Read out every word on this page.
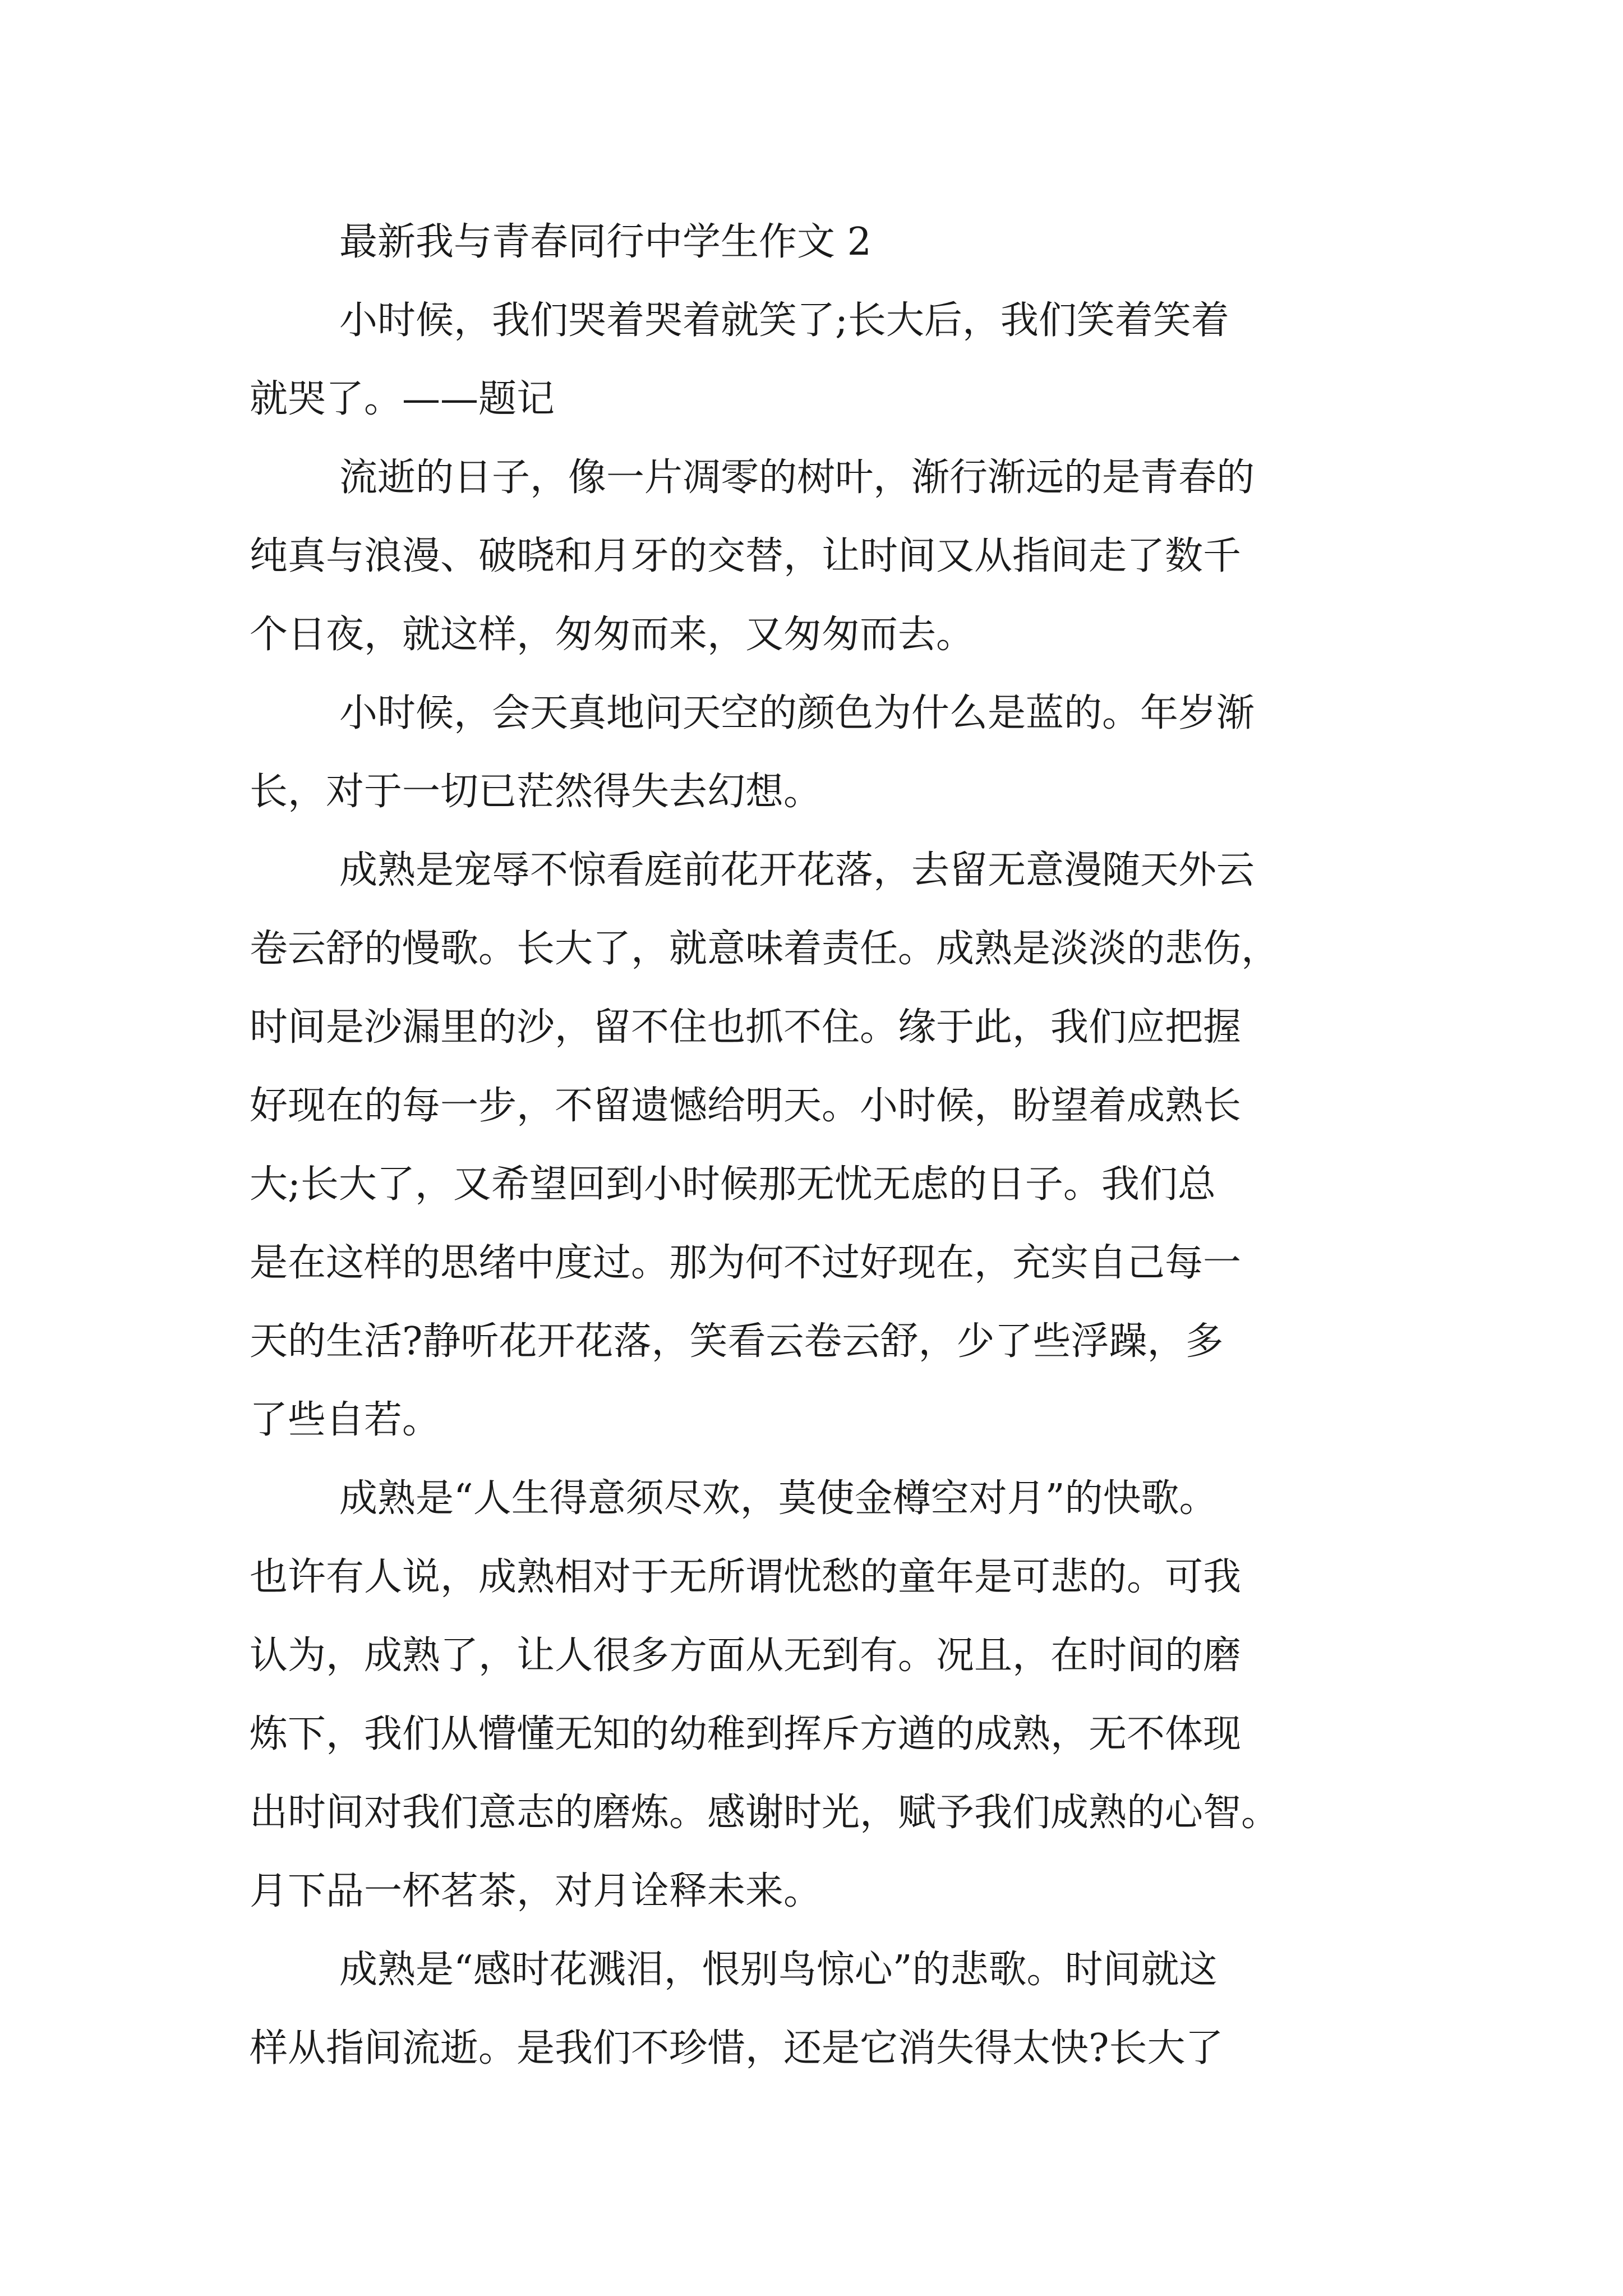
最新我与青春同行中学生作文 2
小时候，我们哭着哭着就笑了;长大后，我们笑着笑着
就哭了。——题记
流逝的日子，像一片凋零的树叶，渐行渐远的是青春的
纯真与浪漫、破晓和月牙的交替，让时间又从指间走了数千
个日夜，就这样，匆匆而来，又匆匆而去。
小时候，会天真地问天空的颜色为什么是蓝的。年岁渐
长，对于一切已茫然得失去幻想。
成熟是宠辱不惊看庭前花开花落，去留无意漫随天外云
卷云舒的慢歌。长大了，就意味着责任。成熟是淡淡的悲伤，
时间是沙漏里的沙，留不住也抓不住。缘于此，我们应把握
好现在的每一步，不留遗憾给明天。小时候，盼望着成熟长
大;长大了，又希望回到小时候那无忧无虑的日子。我们总
是在这样的思绪中度过。那为何不过好现在，充实自己每一
天的生活?静听花开花落，笑看云卷云舒，少了些浮躁，多
了些自若。
成熟是“人生得意须尽欢，莫使金樽空对月”的快歌。
也许有人说，成熟相对于无所谓忧愁的童年是可悲的。可我
认为，成熟了，让人很多方面从无到有。况且，在时间的磨
炼下，我们从懵懂无知的幼稚到挥斥方遒的成熟，无不体现
出时间对我们意志的磨炼。感谢时光，赋予我们成熟的心智。
月下品一杯茗茶，对月诠释未来。
成熟是“感时花溅泪，恨别鸟惊心”的悲歌。时间就这
样从指间流逝。是我们不珍惜，还是它消失得太快?长大了
